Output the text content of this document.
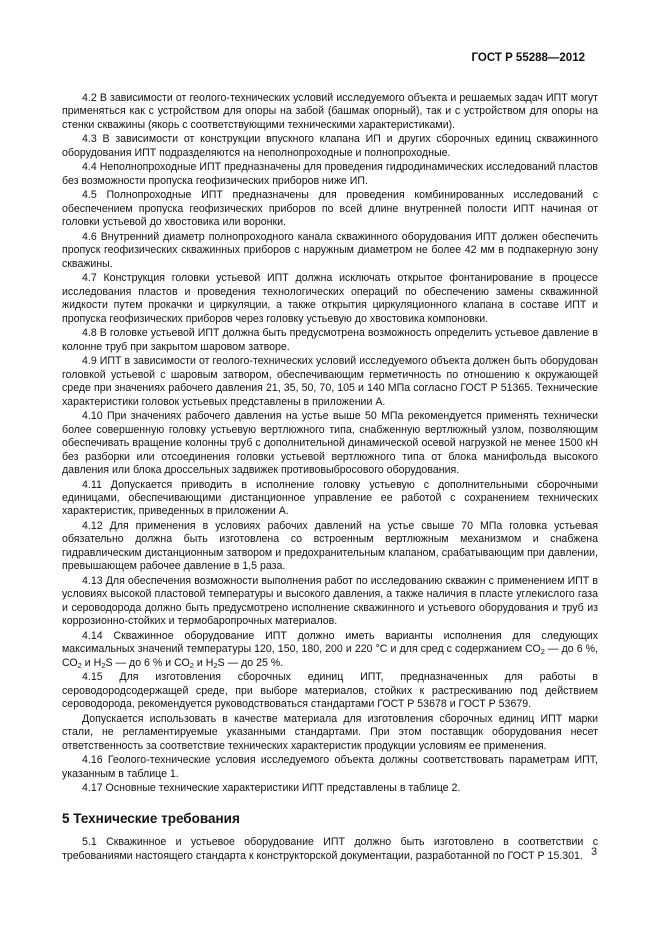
ГОСТ Р 55288—2012

4.2 В зависимости от геолого-технических условий исследуемого объекта и решаемых задач ИПТ могут применяться как с устройством для опоры на забой (башмак опорный), так и с устройством для опоры на стенки скважины (якорь с соответствующими техническими характеристиками).

4.3 В зависимости от конструкции впускного клапана ИП и других сборочных единиц скважинного оборудования ИПТ подразделяются на неполнопроходные и полнопроходные.

4.4 Неполнопроходные ИПТ предназначены для проведения гидродинамических исследований пластов без возможности пропуска геофизических приборов ниже ИП.

4.5 Полнопроходные ИПТ предназначены для проведения комбинированных исследований с обеспечением пропуска геофизических приборов по всей длине внутренней полости ИПТ начиная от головки устьевой до хвостовика или воронки.

4.6 Внутренний диаметр полнопроходного канала скважинного оборудования ИПТ должен обеспечить пропуск геофизических скважинных приборов с наружным диаметром не более 42 мм в подпакерную зону скважины.

4.7 Конструкция головки устьевой ИПТ должна исключать открытое фонтанирование в процессе исследования пластов и проведения технологических операций по обеспечению замены скважинной жидкости путем прокачки и циркуляции, а также открытия циркуляционного клапана в составе ИПТ и пропуска геофизических приборов через головку устьевую до хвостовика компоновки.

4.8 В головке устьевой ИПТ должна быть предусмотрена возможность определить устьевое давление в колонне труб при закрытом шаровом затворе.

4.9 ИПТ в зависимости от геолого-технических условий исследуемого объекта должен быть оборудован головкой устьевой с шаровым затвором, обеспечивающим герметичность по отношению к окружающей среде при значениях рабочего давления 21, 35, 50, 70, 105 и 140 МПа согласно ГОСТ Р 51365. Технические характеристики головок устьевых представлены в приложении А.

4.10 При значениях рабочего давления на устье выше 50 МПа рекомендуется применять технически более совершенную головку устьевую вертлюжного типа, снабженную вертлюжный узлом, позволяющим обеспечивать вращение колонны труб с дополнительной динамической осевой нагрузкой не менее 1500 кН без разборки или отсоединения головки устьевой вертлюжного типа от блока манифольда высокого давления или блока дроссельных задвижек противовыбросового оборудования.

4.11 Допускается приводить в исполнение головку устьевую с дополнительными сборочными единицами, обеспечивающими дистанционное управление ее работой с сохранением технических характеристик, приведенных в приложении А.

4.12 Для применения в условиях рабочих давлений на устье свыше 70 МПа головка устьевая обязательно должна быть изготовлена со встроенным вертлюжным механизмом и снабжена гидравлическим дистанционным затвором и предохранительным клапаном, срабатывающим при давлении, превышающем рабочее давление в 1,5 раза.

4.13 Для обеспечения возможности выполнения работ по исследованию скважин с применением ИПТ в условиях высокой пластовой температуры и высокого давления, а также наличия в пласте углекислого газа и сероводорода должно быть предусмотрено исполнение скважинного и устьевого оборудования и труб из коррозионно-стойких и термобаропрочных материалов.

4.14 Скважинное оборудование ИПТ должно иметь варианты исполнения для следующих максимальных значений температуры 120, 150, 180, 200 и 220 °С и для сред с содержанием $СО_2$ — до 6 %, $СО_2$ и $Н_2S$ — до 6 % и $СО_2$ и $Н_2S$ — до 25 %.

4.15 Для изготовления сборочных единиц ИПТ, предназначенных для работы в сероводородсодержащей среде, при выборе материалов, стойких к растрескиванию под действием сероводорода, рекомендуется руководствоваться стандартами ГОСТ Р 53678 и ГОСТ Р 53679.

Допускается использовать в качестве материала для изготовления сборочных единиц ИПТ марки стали, не регламентируемые указанными стандартами. При этом поставщик оборудования несет ответственность за соответствие технических характеристик продукции условиям ее применения.

4.16 Геолого-технические условия исследуемого объекта должны соответствовать параметрам ИПТ, указанным в таблице 1.

4.17 Основные технические характеристики ИПТ представлены в таблице 2.

5 Технические требования

5.1 Скважинное и устьевое оборудование ИПТ должно быть изготовлено в соответствии с требованиями настоящего стандарта к конструкторской документации, разработанной по ГОСТ Р 15.301. 3
